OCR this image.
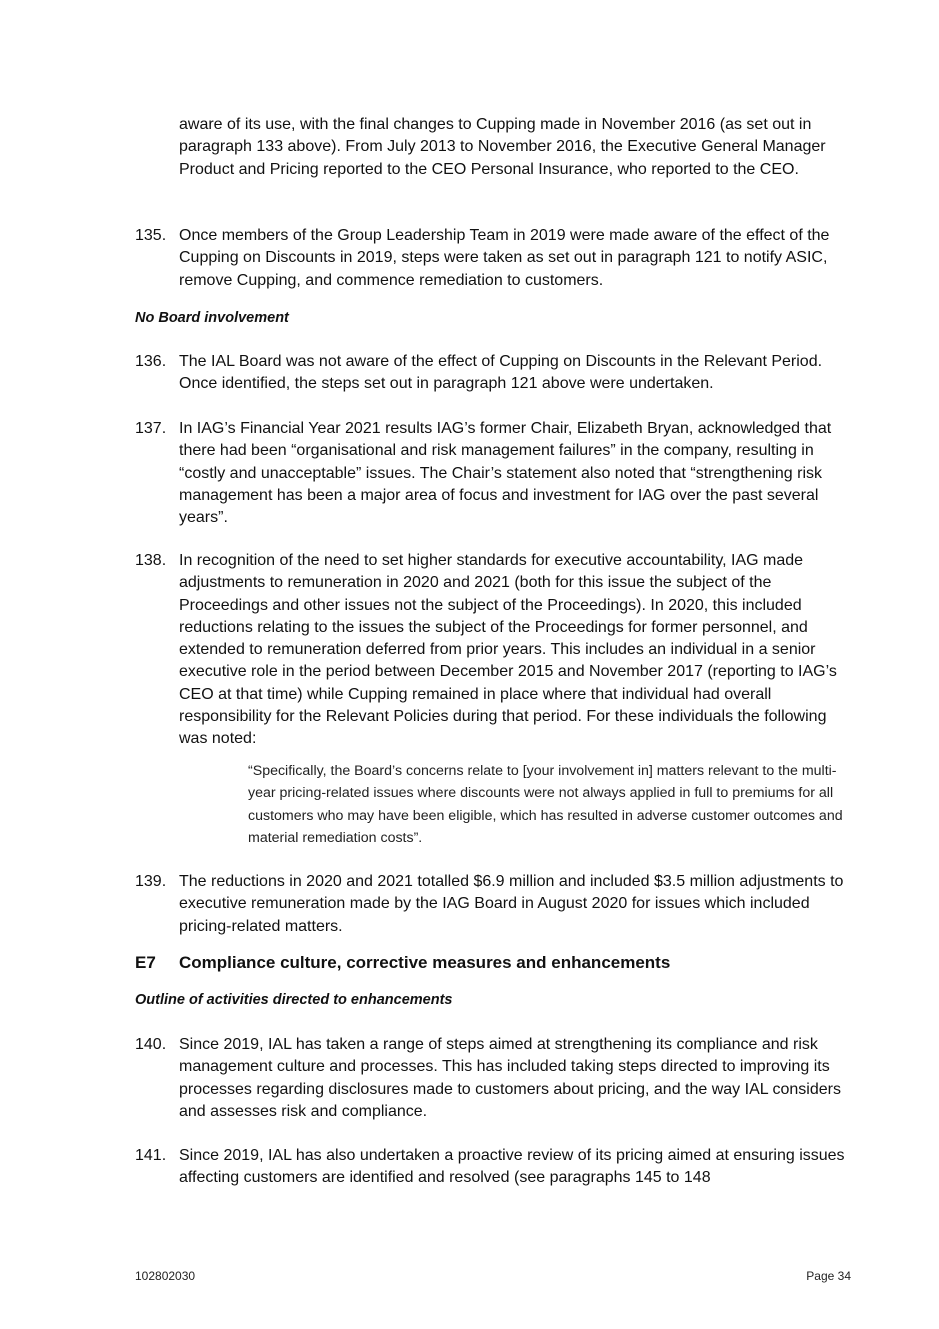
aware of its use, with the final changes to Cupping made in November 2016 (as set out in paragraph 133 above). From July 2013 to November 2016, the Executive General Manager Product and Pricing reported to the CEO Personal Insurance, who reported to the CEO.
135. Once members of the Group Leadership Team in 2019 were made aware of the effect of the Cupping on Discounts in 2019, steps were taken as set out in paragraph 121 to notify ASIC, remove Cupping, and commence remediation to customers.
No Board involvement
136. The IAL Board was not aware of the effect of Cupping on Discounts in the Relevant Period. Once identified, the steps set out in paragraph 121 above were undertaken.
137. In IAG’s Financial Year 2021 results IAG’s former Chair, Elizabeth Bryan, acknowledged that there had been “organisational and risk management failures” in the company, resulting in “costly and unacceptable” issues. The Chair’s statement also noted that “strengthening risk management has been a major area of focus and investment for IAG over the past several years”.
138. In recognition of the need to set higher standards for executive accountability, IAG made adjustments to remuneration in 2020 and 2021 (both for this issue the subject of the Proceedings and other issues not the subject of the Proceedings). In 2020, this included reductions relating to the issues the subject of the Proceedings for former personnel, and extended to remuneration deferred from prior years. This includes an individual in a senior executive role in the period between December 2015 and November 2017 (reporting to IAG’s CEO at that time) while Cupping remained in place where that individual had overall responsibility for the Relevant Policies during that period. For these individuals the following was noted:
“Specifically, the Board’s concerns relate to [your involvement in] matters relevant to the multi-year pricing-related issues where discounts were not always applied in full to premiums for all customers who may have been eligible, which has resulted in adverse customer outcomes and material remediation costs”.
139. The reductions in 2020 and 2021 totalled $6.9 million and included $3.5 million adjustments to executive remuneration made by the IAG Board in August 2020 for issues which included pricing-related matters.
E7 Compliance culture, corrective measures and enhancements
Outline of activities directed to enhancements
140. Since 2019, IAL has taken a range of steps aimed at strengthening its compliance and risk management culture and processes. This has included taking steps directed to improving its processes regarding disclosures made to customers about pricing, and the way IAL considers and assesses risk and compliance.
141. Since 2019, IAL has also undertaken a proactive review of its pricing aimed at ensuring issues affecting customers are identified and resolved (see paragraphs 145 to 148
102802030	Page 34
